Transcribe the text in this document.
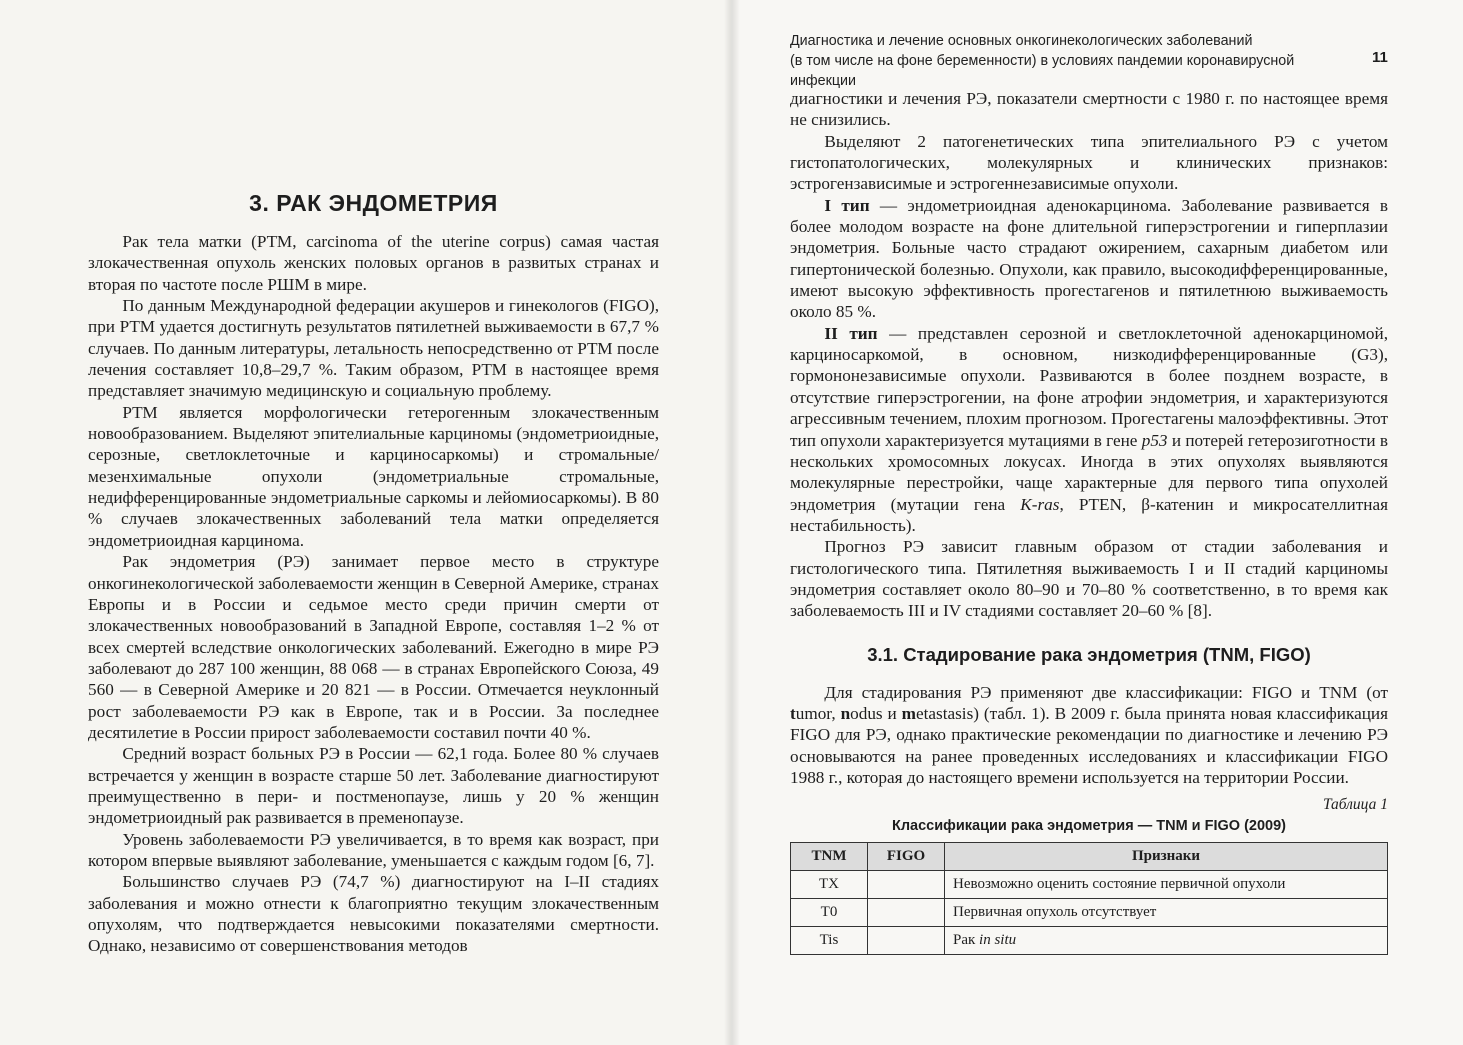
Диагностика и лечение основных онкогинекологических заболеваний
(в том числе на фоне беременности) в условиях пандемии коронавирусной инфекции
11
3. РАК ЭНДОМЕТРИЯ

Рак тела матки (РТМ, carcinoma of the uterine corpus) самая частая злокачественная опухоль женских половых органов в развитых странах и вторая по частоте после РШМ в мире.

По данным Международной федерации акушеров и гинекологов (FIGO), при РТМ удается достигнуть результатов пятилетней выживаемости в 67,7 % случаев. По данным литературы, летальность непосредственно от РТМ после лечения составляет 10,8–29,7 %. Таким образом, РТМ в настоящее время представляет значимую медицинскую и социальную проблему.

РТМ является морфологически гетерогенным злокачественным новообразованием. Выделяют эпителиальные карциномы (эндометриоидные, серозные, светлоклеточные и карциносаркомы) и стромальные/мезенхимальные опухоли (эндометриальные стромальные, недифференцированные эндометриальные саркомы и лейомиосаркомы). В 80 % случаев злокачественных заболеваний тела матки определяется эндометриоидная карцинома.

Рак эндометрия (РЭ) занимает первое место в структуре онкогинекологической заболеваемости женщин в Северной Америке, странах Европы и в России и седьмое место среди причин смерти от злокачественных новообразований в Западной Европе, составляя 1–2 % от всех смертей вследствие онкологических заболеваний. Ежегодно в мире РЭ заболевают до 287 100 женщин, 88 068 — в странах Европейского Союза, 49 560 — в Северной Америке и 20 821 — в России. Отмечается неуклонный рост заболеваемости РЭ как в Европе, так и в России. За последнее десятилетие в России прирост заболеваемости составил почти 40 %.

Средний возраст больных РЭ в России — 62,1 года. Более 80 % случаев встречается у женщин в возрасте старше 50 лет. Заболевание диагностируют преимущественно в пери- и постменопаузе, лишь у 20 % женщин эндометриоидный рак развивается в пременопаузе.

Уровень заболеваемости РЭ увеличивается, в то время как возраст, при котором впервые выявляют заболевание, уменьшается с каждым годом [6, 7].

Большинство случаев РЭ (74,7 %) диагностируют на I–II стадиях заболевания и можно отнести к благоприятно текущим злокачественным опухолям, что подтверждается невысокими показателями смертности. Однако, независимо от совершенствования методов

диагностики и лечения РЭ, показатели смертности с 1980 г. по настоящее время не снизились.

Выделяют 2 патогенетических типа эпителиального РЭ с учетом гистопатологических, молекулярных и клинических признаков: эстрогензависимые и эстрогеннезависимые опухоли.

I тип — эндометриоидная аденокарцинома. Заболевание развивается в более молодом возрасте на фоне длительной гиперэстрогении и гиперплазии эндометрия. Больные часто страдают ожирением, сахарным диабетом или гипертонической болезнью. Опухоли, как правило, высокодифференцированные, имеют высокую эффективность прогестагенов и пятилетнюю выживаемость около 85 %.

II тип — представлен серозной и светлоклеточной аденокарциномой, карциносаркомой, в основном, низкодифференцированные (G3), гормононезависимые опухоли. Развиваются в более позднем возрасте, в отсутствие гиперэстрогении, на фоне атрофии эндометрия, и характеризуются агрессивным течением, плохим прогнозом. Прогестагены малоэффективны. Этот тип опухоли характеризуется мутациями в гене p53 и потерей гетерозиготности в нескольких хромосомных локусах. Иногда в этих опухолях выявляются молекулярные перестройки, чаще характерные для первого типа опухолей эндометрия (мутации гена K-ras, PTEN, β-катенин и микросателлитная нестабильность).

Прогноз РЭ зависит главным образом от стадии заболевания и гистологического типа. Пятилетняя выживаемость I и II стадий карциномы эндометрия составляет около 80–90 и 70–80 % соответственно, в то время как заболеваемость III и IV стадиями составляет 20–60 % [8].

3.1. Стадирование рака эндометрия (TNM, FIGO)

Для стадирования РЭ применяют две классификации: FIGO и TNM (от tumor, nodus и metastasis) (табл. 1). В 2009 г. была принята новая классификация FIGO для РЭ, однако практические рекомендации по диагностике и лечению РЭ основываются на ранее проведенных исследованиях и классификации FIGO 1988 г., которая до настоящего времени используется на территории России.

Таблица 1
Классификации рака эндометрия — TNM и FIGO (2009)
TNM	FIGO	Признаки
TX		Невозможно оценить состояние первичной опухоли
T0		Первичная опухоль отсутствует
Tis		Рак in situ
